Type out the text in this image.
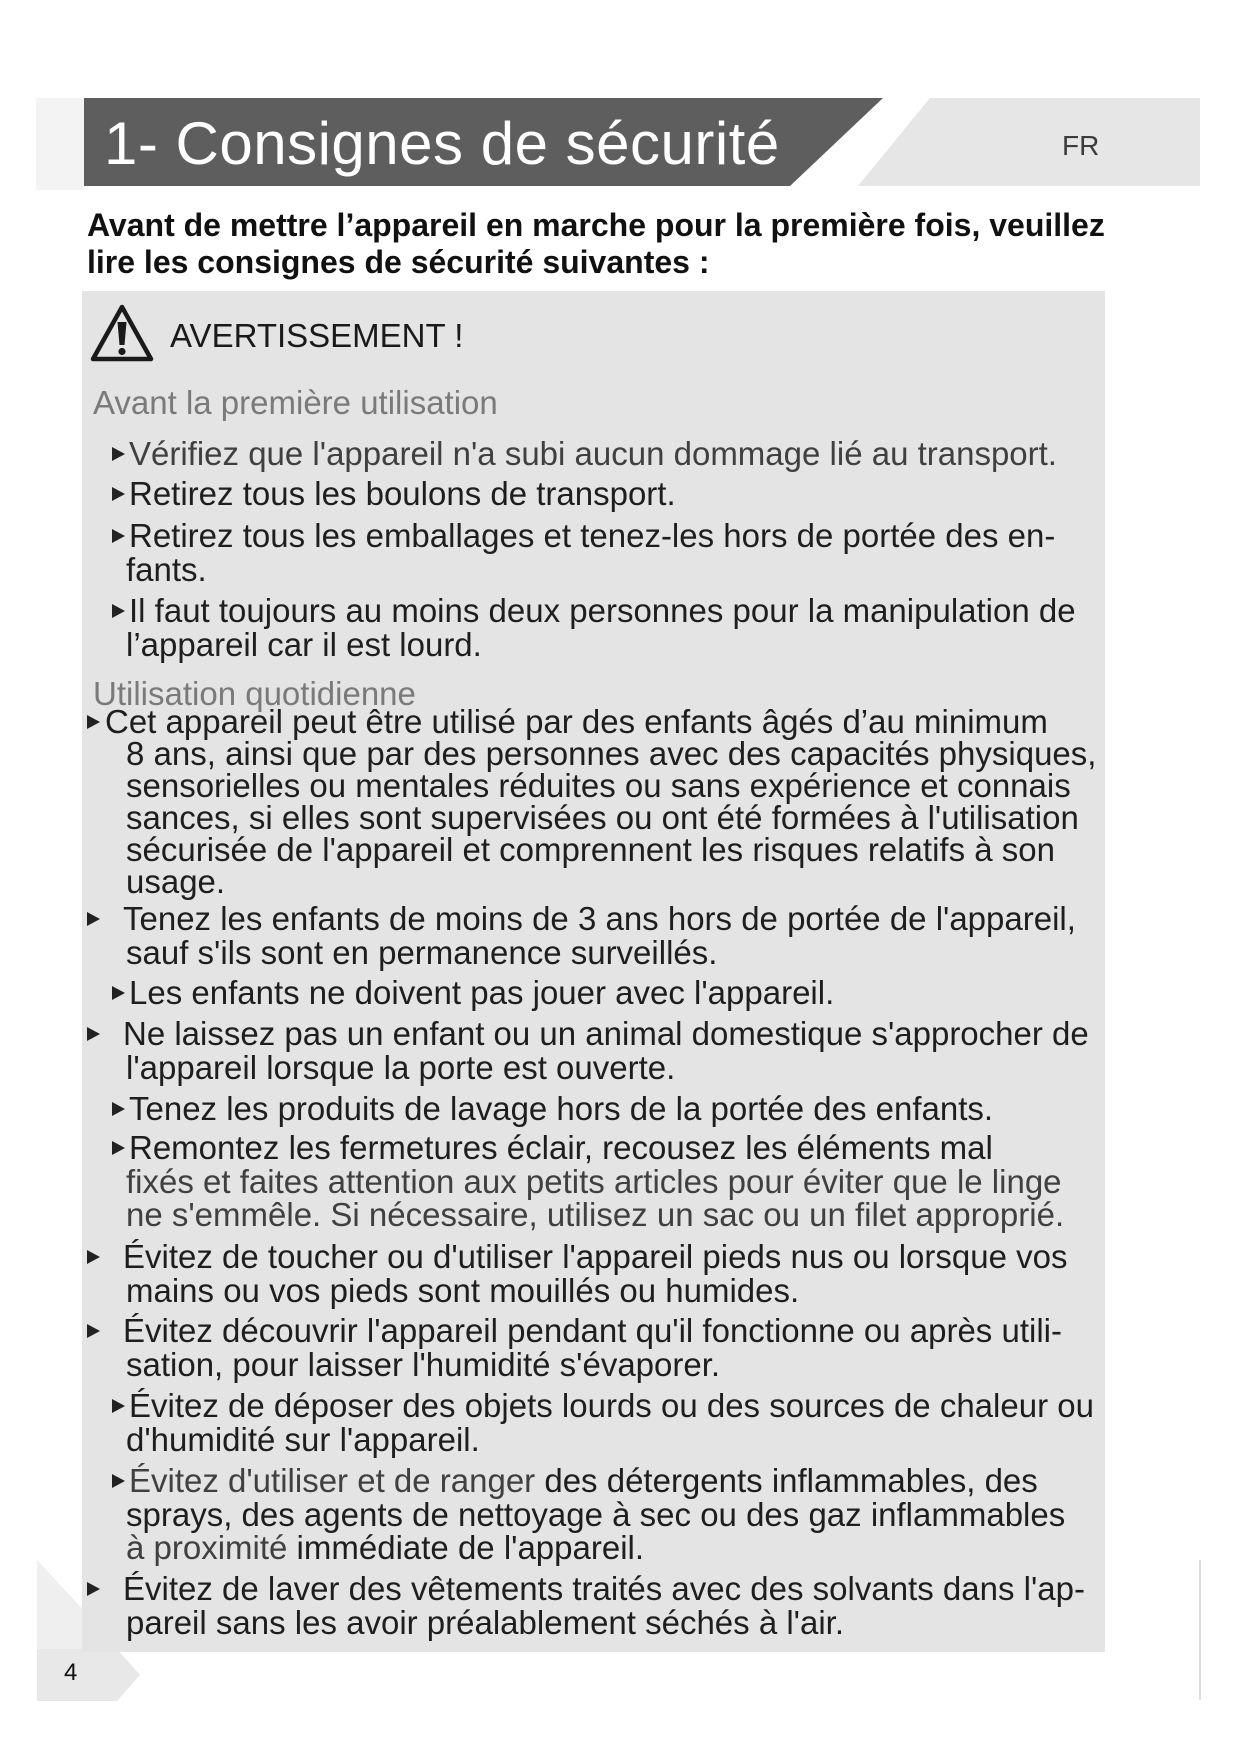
1- Consignes de sécurité	FR
Avant de mettre l’appareil en marche pour la première fois, veuillez
lire les consignes de sécurité suivantes :
AVERTISSEMENT !
Avant la première utilisation
Vérifiez que l'appareil n'a subi aucun dommage lié au transport.
Retirez tous les boulons de transport.
Retirez tous les emballages et tenez-les hors de portée des en-
fants.
Il faut toujours au moins deux personnes pour la manipulation de
l’appareil car il est lourd.
Utilisation quotidienne
Cet appareil peut être utilisé par des enfants âgés d’au minimum
8 ans, ainsi que par des personnes avec des capacités physiques,
sensorielles ou mentales réduites ou sans expérience et connais
sances, si elles sont supervisées ou ont été formées à l'utilisation
sécurisée de l'appareil et comprennent les risques relatifs à son
usage.
Tenez les enfants de moins de 3 ans hors de portée de l'appareil,
sauf s'ils sont en permanence surveillés.
Les enfants ne doivent pas jouer avec l'appareil.
Ne laissez pas un enfant ou un animal domestique s'approcher de
l'appareil lorsque la porte est ouverte.
Tenez les produits de lavage hors de la portée des enfants.
Remontez les fermetures éclair, recousez les éléments mal
fixés et faites attention aux petits articles pour éviter que le linge
ne s'emmêle. Si nécessaire, utilisez un sac ou un filet approprié.
Évitez de toucher ou d'utiliser l'appareil pieds nus ou lorsque vos
mains ou vos pieds sont mouillés ou humides.
Évitez découvrir l'appareil pendant qu'il fonctionne ou après utili-
sation, pour laisser l'humidité s'évaporer.
Évitez de déposer des objets lourds ou des sources de chaleur ou
d'humidité sur l'appareil.
Évitez d'utiliser et de ranger des détergents inflammables, des
sprays, des agents de nettoyage à sec ou des gaz inflammables
à proximité immédiate de l'appareil.
Évitez de laver des vêtements traités avec des solvants dans l'ap-
pareil sans les avoir préalablement séchés à l'air.
4
